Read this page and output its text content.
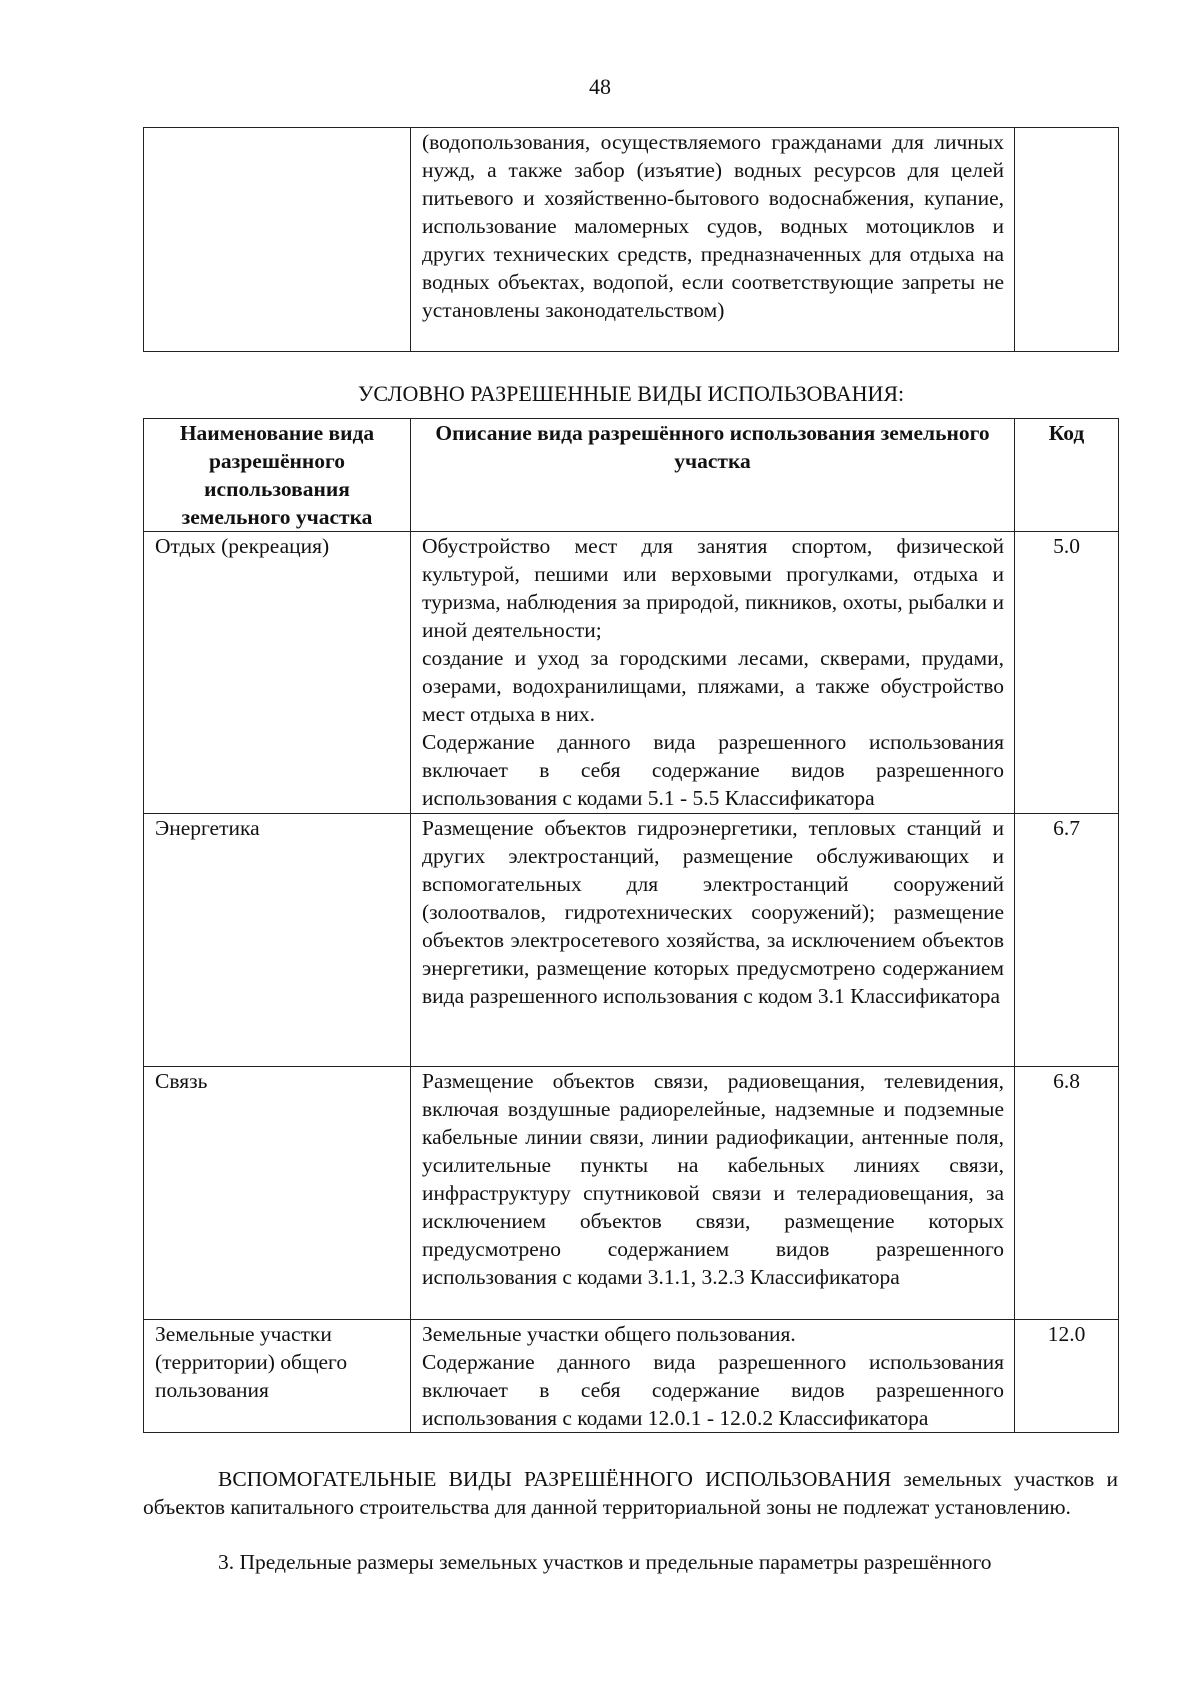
48

(водопользования, осуществляемого гражданами для личных нужд, а также забор (изъятие) водных ресурсов для целей питьевого и хозяйственно-бытового водоснабжения, купание, использование маломерных судов, водных мотоциклов и других технических средств, предназначенных для отдыха на водных объектах, водопой, если соответствующие запреты не установлены законодательством)

УСЛОВНО РАЗРЕШЕННЫЕ ВИДЫ ИСПОЛЬЗОВАНИЯ:
Наименование вида разрешённого использования земельного участка	Описание вида разрешённого использования земельного участка	Код
Отдых (рекреация)	Обустройство мест для занятия спортом, физической культурой, пешими или верховыми прогулками, отдыха и туризма, наблюдения за природой, пикников, охоты, рыбалки и иной деятельности;

создание и уход за городскими лесами, скверами, прудами, озерами, водохранилищами, пляжами, а также обустройство мест отдыха в них.

Содержание данного вида разрешенного использования включает в себя содержание видов разрешенного использования с кодами 5.1 - 5.5 Классификатора	5.0
Энергетика	Размещение объектов гидроэнергетики, тепловых станций и других электростанций, размещение обслуживающих и вспомогательных для электростанций сооружений (золоотвалов, гидротехнических сооружений); размещение объектов электросетевого хозяйства, за исключением объектов энергетики, размещение которых предусмотрено содержанием вида разрешенного использования с кодом 3.1 Классификатора	6.7
Связь	Размещение объектов связи, радиовещания, телевидения, включая воздушные радиорелейные, надземные и подземные кабельные линии связи, линии радиофикации, антенные поля, усилительные пункты на кабельных линиях связи, инфраструктуру спутниковой связи и телерадиовещания, за исключением объектов связи, размещение которых предусмотрено содержанием видов разрешенного использования с кодами 3.1.1, 3.2.3 Классификатора	6.8
Земельные участки (территории) общего пользования	Земельные участки общего пользования.

Содержание данного вида разрешенного использования включает в себя содержание видов разрешенного использования с кодами 12.0.1 - 12.0.2 Классификатора	12.0

ВСПОМОГАТЕЛЬНЫЕ ВИДЫ РАЗРЕШЁННОГО ИСПОЛЬЗОВАНИЯ земельных участков и объектов капитального строительства для данной территориальной зоны не подлежат установлению.

3. Предельные размеры земельных участков и предельные параметры разрешённого
